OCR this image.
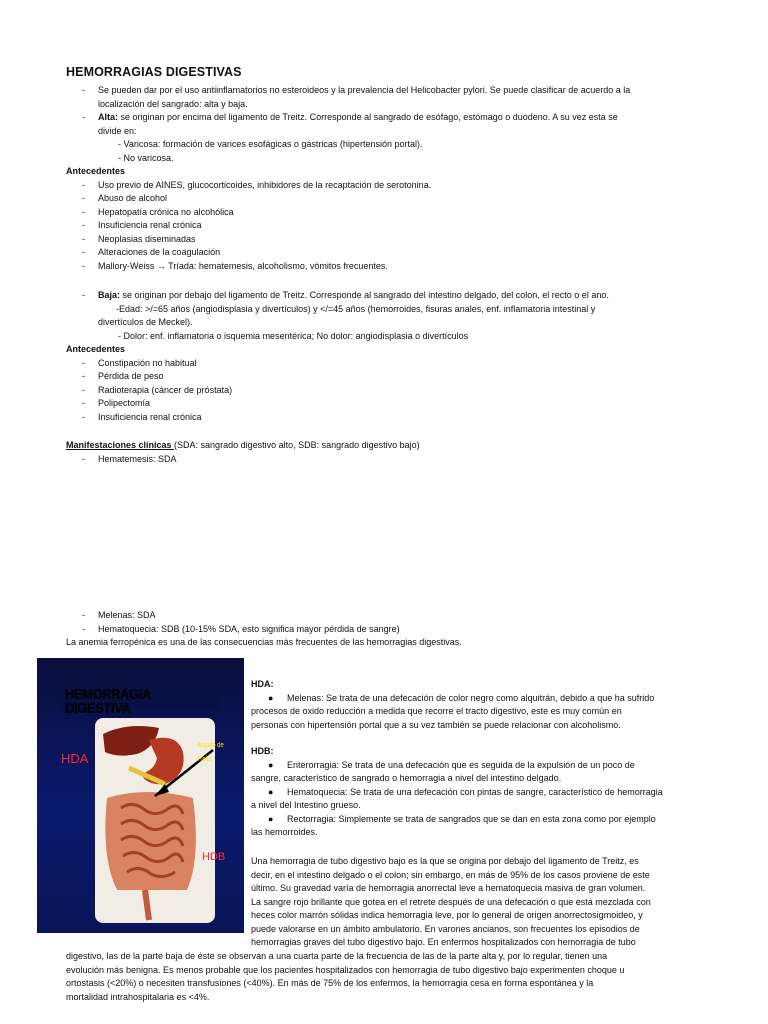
HEMORRAGIAS DIGESTIVAS
- Se pueden dar por el uso antiinflamatorios no esteroideos y la prevalencia del Helicobacter pylori. Se puede clasificar de acuerdo a la
localización del sangrado: alta y baja.
- Alta: se originan por encima del ligamento de Treitz. Corresponde al sangrado de esófago, estómago o duodeno. A su vez esta se
divide en:
- Varicosa: formación de varices esofágicas o gástricas (hipertensión portal).
- No varicosa.
Antecedentes
- Uso previo de AINES, glucocorticoides, inhibidores de la recaptación de serotonina.
- Abuso de alcohol
- Hepatopatía crónica no alcohólica
- Insuficiencia renal crónica
- Neoplasias diseminadas
- Alteraciones de la coagulación
- Mallory-Weiss → Tríada: hematemesis, alcoholismo, vómitos frecuentes.
- Baja: se originan por debajo del ligamento de Treitz. Corresponde al sangrado del intestino delgado, del colon, el recto o el ano.
-Edad: >/=65 años (angiodisplasia y divertículos) y </=45 años (hemorroides, fisuras anales, enf. inflamatoria intestinal y
divertículos de Meckel).
- Dolor: enf. inflamatoria o isquemia mesentérica; No dolor: angiodisplasia o divertículos
Antecedentes
- Constipación no habitual
- Pérdida de peso
- Radioterapia (cáncer de próstata)
- Polipectomía
- Insuficiencia renal crónica
Manifestaciones clínicas (SDA: sangrado digestivo alto, SDB: sangrado digestivo bajo)
- Hematemesis: SDA
- Melenas: SDA
- Hematoquecia: SDB (10-15% SDA, esto significa mayor pérdida de sangre)
La anemia ferropénica es una de las consecuencias más frecuentes de las hemorragias digestivas.
HEMORRAGIA DIGESTIVA
HDA
HDB
Angulo de Treitz
HDA:
● Melenas: Se trata de una defecación de color negro como alquitrán, debido a que ha sufrido
procesos de oxido reducción a medida que recorre el tracto digestivo, este es muy común en
personas con hipertensión portal que a su vez también se puede relacionar con alcoholismo.
HDB:
● Enterorragia: Se trata de una defecación que es seguida de la expulsión de un poco de
sangre, característico de sangrado o hemorragia a nivel del intestino delgado.
● Hematoquecia: Se trata de una defecación con pintas de sangre, característico de hemorragia
a nivel del Intestino grueso.
● Rectorragia: Simplemente se trata de sangrados que se dan en esta zona como por ejemplo
las hemorroides.
Una hemorragia de tubo digestivo bajo es la que se origina por debajo del ligamento de Treitz, es
decir, en el intestino delgado o el colon; sin embargo, en más de 95% de los casos proviene de este
último. Su gravedad varía de hemorragia anorrectal leve a hematoquecia masiva de gran volumen.
La sangre rojo brillante que gotea en el retrete después de una defecación o que está mezclada con
heces color marrón sólidas indica hemorragia leve, por lo general de origen anorrectosigmoideo, y
puede valorarse en un ámbito ambulatorio. En varones ancianos, son frecuentes los episodios de
hemorragias graves del tubo digestivo bajo. En enfermos hospitalizados con hemorragia de tubo
digestivo, las de la parte baja de éste se observan a una cuarta parte de la frecuencia de las de la parte alta y, por lo regular, tienen una
evolución más benigna. Es menos probable que los pacientes hospitalizados con hemorragia de tubo digestivo bajo experimenten choque u
ortostasis (<20%) o necesiten transfusiones (<40%). En más de 75% de los enfermos, la hemorragia cesa en forma espontánea y la
mortalidad intrahospitalaria es <4%.
